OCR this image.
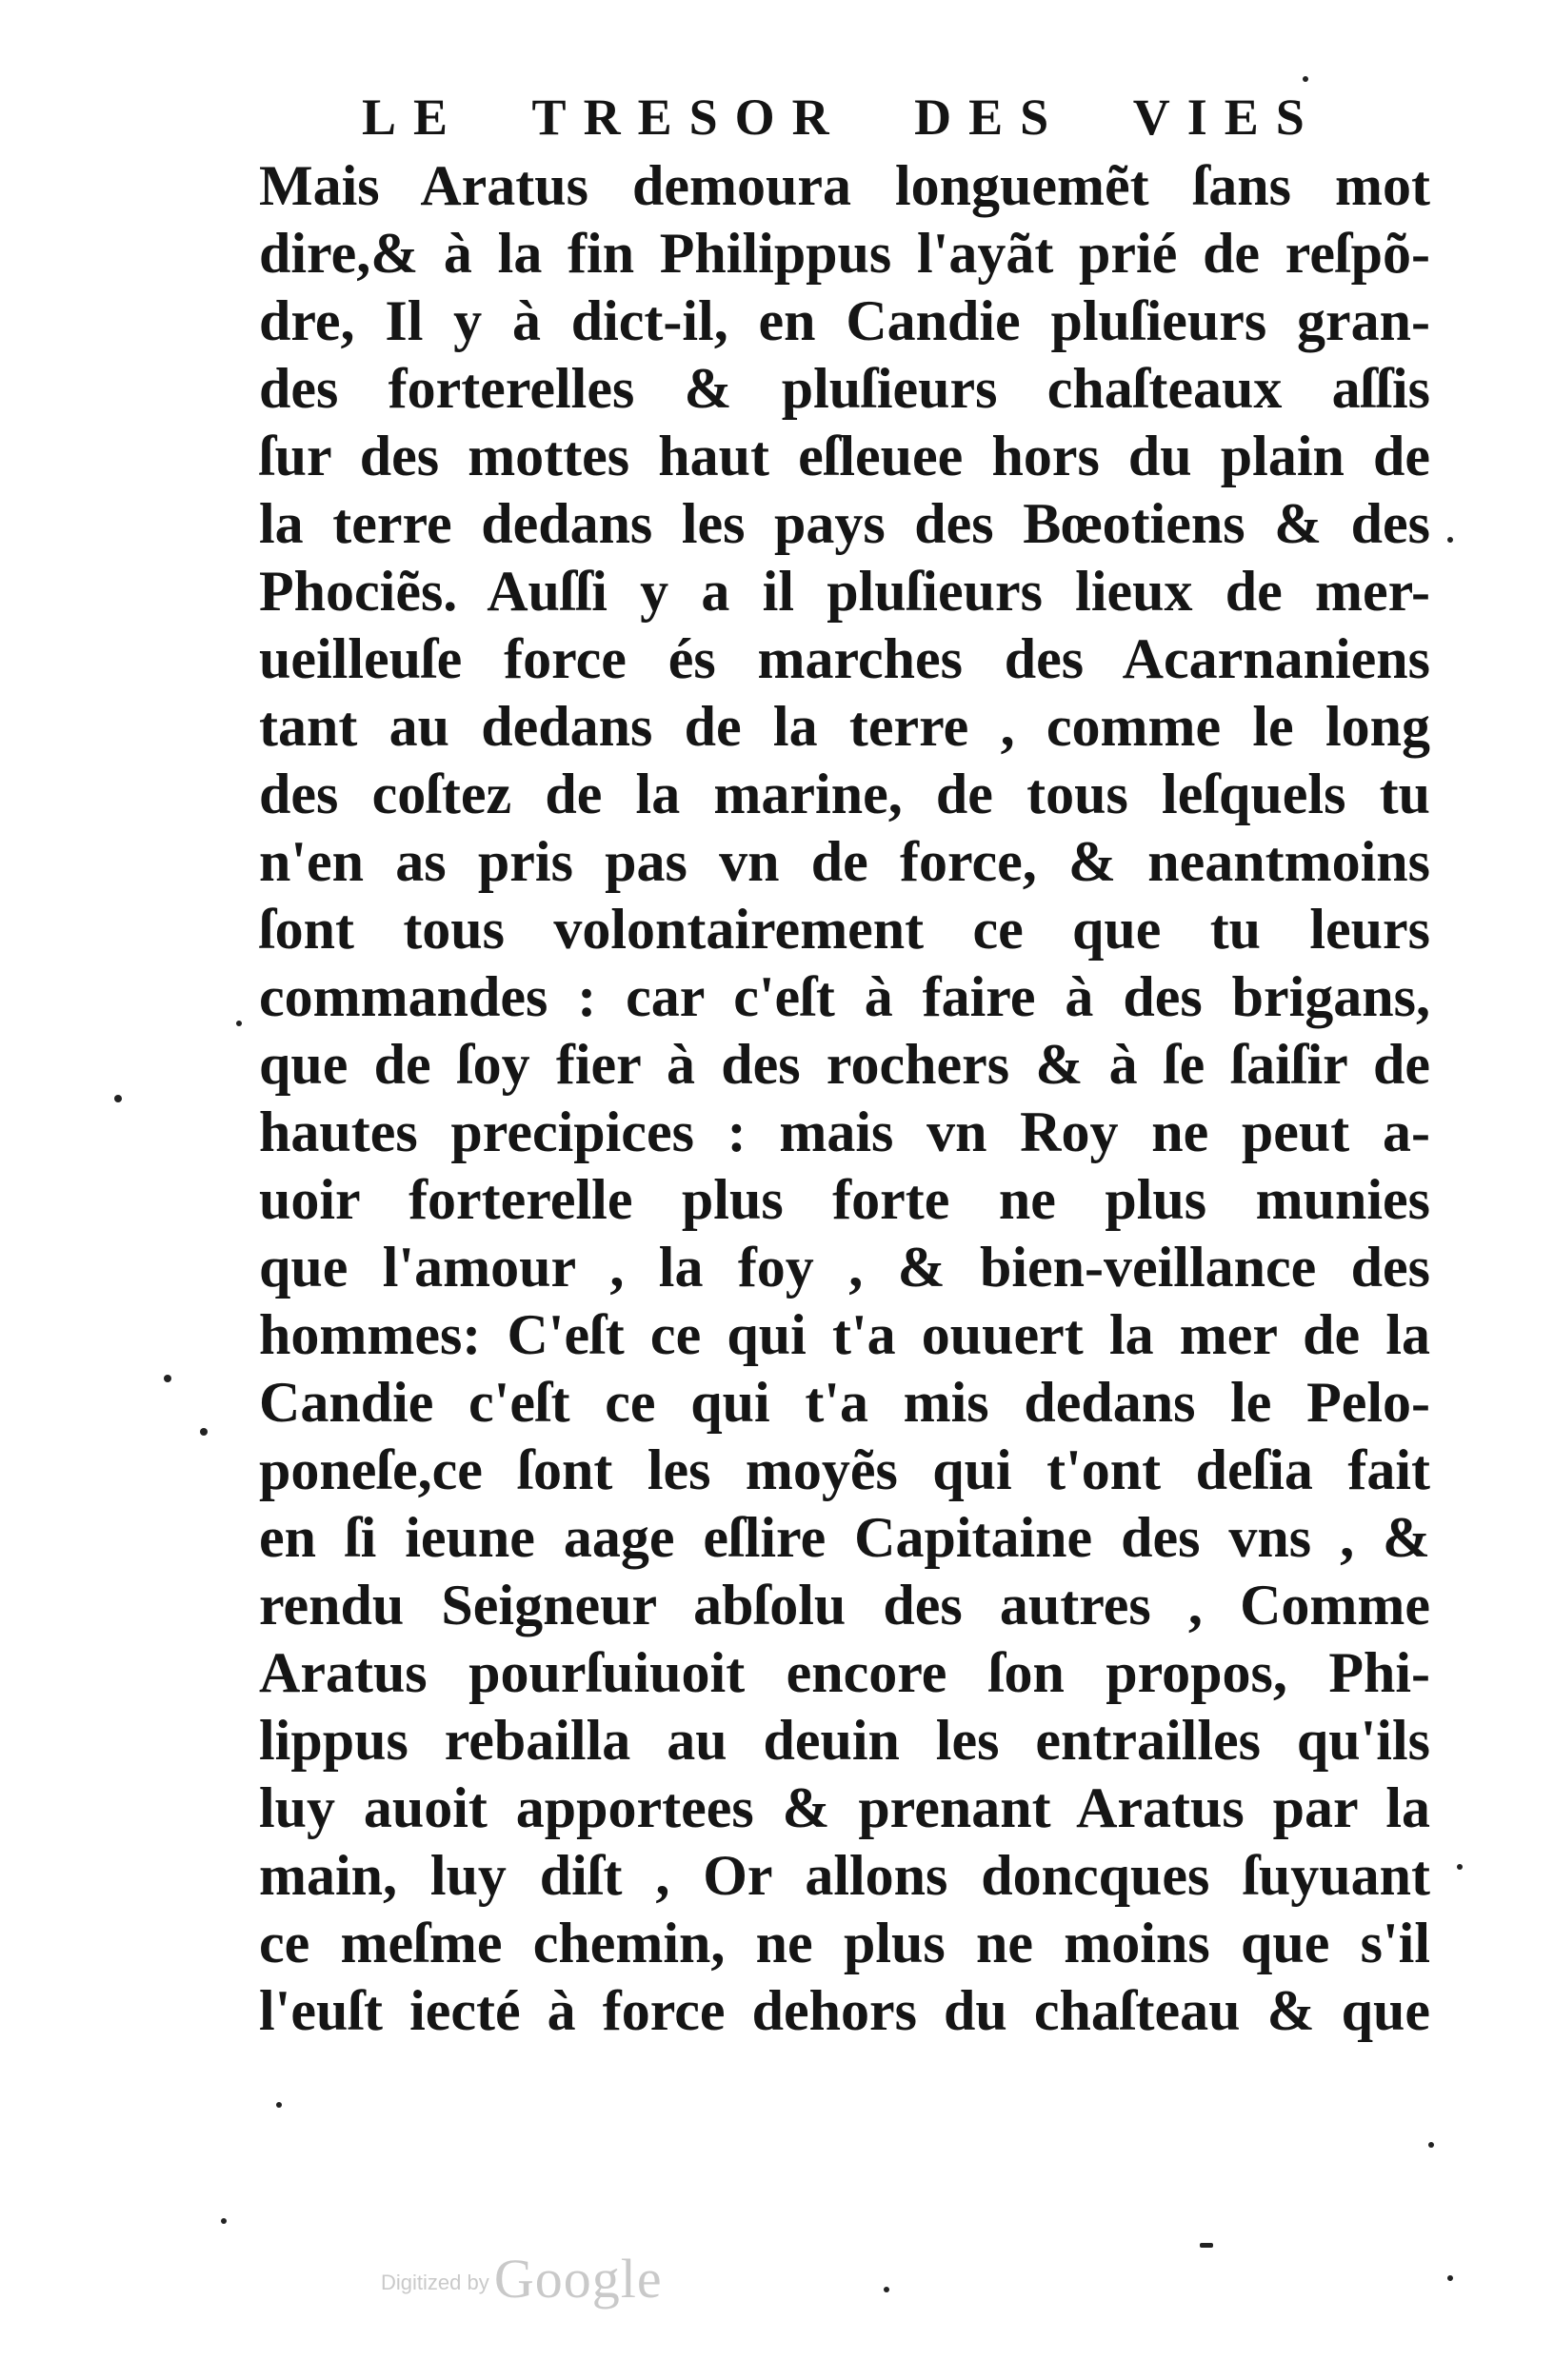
LE TRESOR DES VIES
Mais Aratus demoura longuemẽt ſans mot
dire,& à la fin Philippus l'ayãt prié de reſpõ-
dre, Il y à dict-il, en Candie pluſieurs gran-
des forterelles & pluſieurs chaſteaux aſſis
ſur des mottes haut eſleuee hors du plain de
la terre dedans les pays des Bœotiens & des
Phociẽs. Auſſi y a il pluſieurs lieux de mer-
ueilleuſe force és marches des Acarnaniens
tant au dedans de la terre , comme le long
des coſtez de la marine, de tous leſquels tu
n'en as pris pas vn de force, & neantmoins
ſont tous volontairement ce que tu leurs
commandes : car c'eſt à faire à des brigans,
que de ſoy fier à des rochers & à ſe ſaiſir de
hautes precipices : mais vn Roy ne peut a-
uoir forterelle plus forte ne plus munies
que l'amour , la foy , & bien-veillance des
hommes: C'eſt ce qui t'a ouuert la mer de la
Candie c'eſt ce qui t'a mis dedans le Pelo-
poneſe,ce ſont les moyẽs qui t'ont deſia fait
en ſi ieune aage eſlire Capitaine des vns , &
rendu Seigneur abſolu des autres , Comme
Aratus pourſuiuoit encore ſon propos, Phi-
lippus rebailla au deuin les entrailles qu'ils
luy auoit apportees & prenant Aratus par la
main, luy diſt , Or allons doncques ſuyuant
ce meſme chemin, ne plus ne moins que s'il
l'euſt iecté à force dehors du chaſteau & que
Digitized by Google
